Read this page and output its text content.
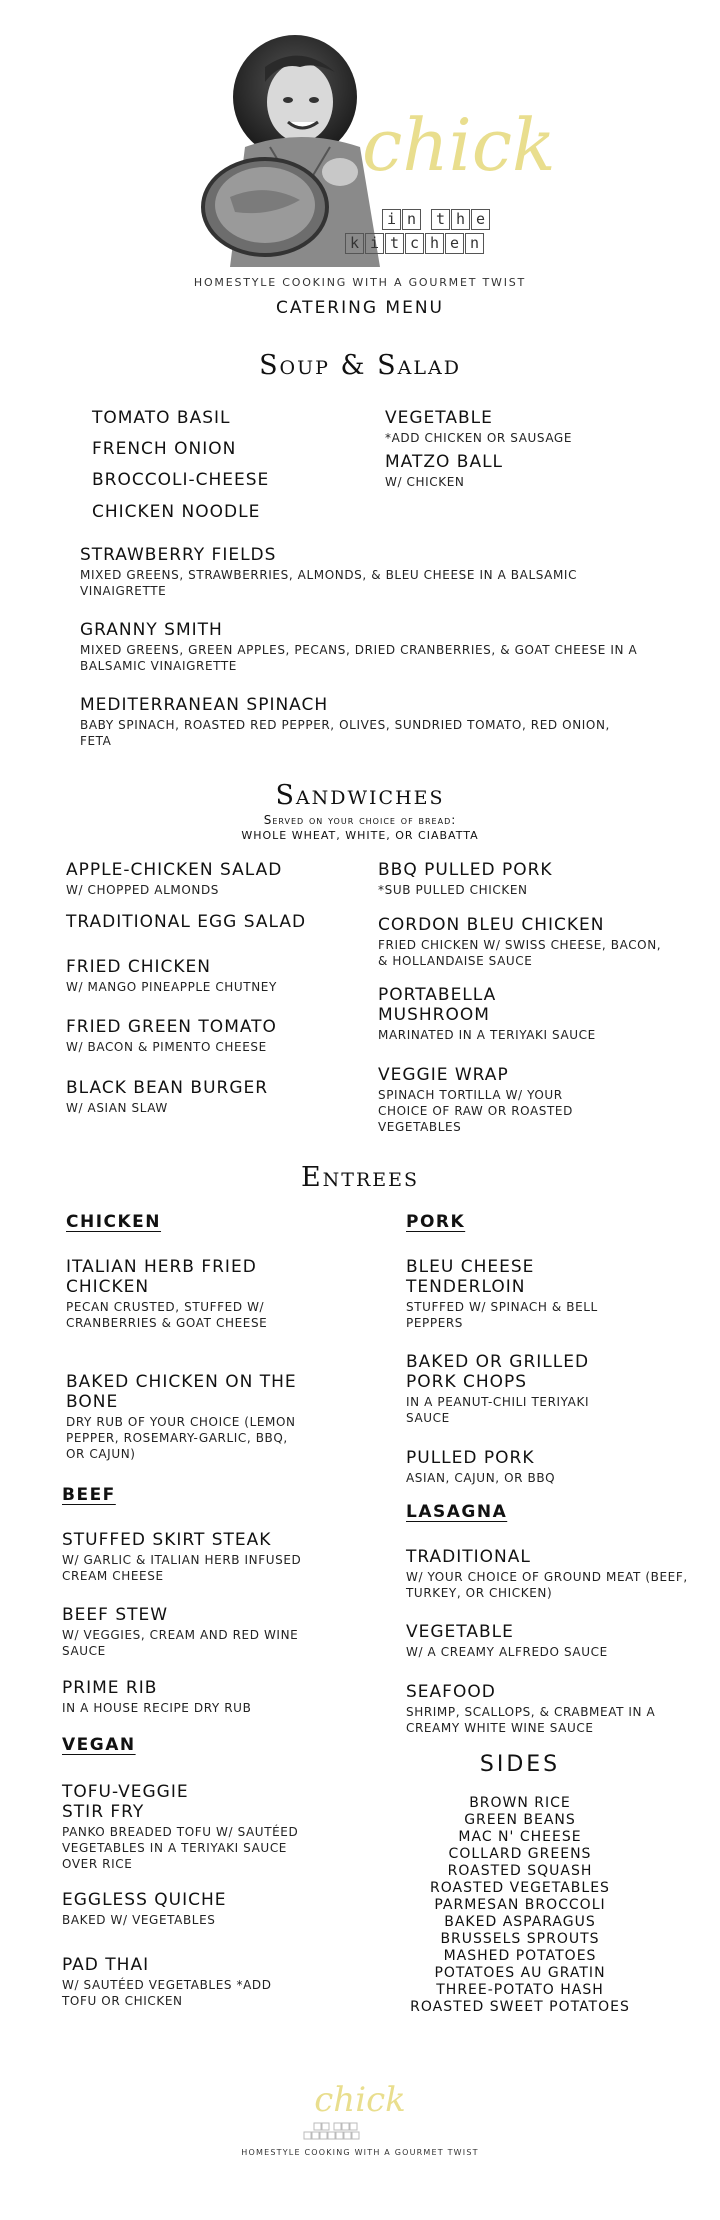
chick
i n t h e
k i t c h e n
HOMESTYLE COOKING WITH A GOURMET TWIST
CATERING MENU
Soup & Salad
TOMATO BASIL
FRENCH ONION
BROCCOLI-CHEESE
CHICKEN NOODLE
VEGETABLE
*ADD CHICKEN OR SAUSAGE
MATZO BALL
W/ CHICKEN
STRAWBERRY FIELDS
MIXED GREENS, STRAWBERRIES, ALMONDS, & BLEU CHEESE IN A BALSAMIC VINAIGRETTE
GRANNY SMITH
MIXED GREENS, GREEN APPLES, PECANS, DRIED CRANBERRIES, & GOAT CHEESE IN A BALSAMIC VINAIGRETTE
MEDITERRANEAN SPINACH
BABY SPINACH, ROASTED RED PEPPER, OLIVES, SUNDRIED TOMATO, RED ONION, FETA
Sandwiches
Served on your choice of bread:
WHOLE WHEAT, WHITE, OR CIABATTA
APPLE-CHICKEN SALAD
W/ CHOPPED ALMONDS
TRADITIONAL EGG SALAD
FRIED CHICKEN
W/ MANGO PINEAPPLE CHUTNEY
FRIED GREEN TOMATO
W/ BACON & PIMENTO CHEESE
BLACK BEAN BURGER
W/ ASIAN SLAW
BBQ PULLED PORK
*SUB PULLED CHICKEN
CORDON BLEU CHICKEN
FRIED CHICKEN W/ SWISS CHEESE, BACON, & HOLLANDAISE SAUCE
PORTABELLA MUSHROOM
MARINATED IN A TERIYAKI SAUCE
VEGGIE WRAP
SPINACH TORTILLA W/ YOUR CHOICE OF RAW OR ROASTED VEGETABLES
Entrees
CHICKEN
ITALIAN HERB FRIED CHICKEN
PECAN CRUSTED, STUFFED W/ CRANBERRIES & GOAT CHEESE
BAKED CHICKEN ON THE BONE
DRY RUB OF YOUR CHOICE (LEMON PEPPER, ROSEMARY-GARLIC, BBQ, OR CAJUN)
BEEF
STUFFED SKIRT STEAK
W/ GARLIC & ITALIAN HERB INFUSED CREAM CHEESE
BEEF STEW
W/ VEGGIES, CREAM AND RED WINE SAUCE
PRIME RIB
IN A HOUSE RECIPE DRY RUB
VEGAN
TOFU-VEGGIE STIR FRY
PANKO BREADED TOFU W/ SAUTÉED VEGETABLES IN A TERIYAKI SAUCE OVER RICE
EGGLESS QUICHE
BAKED W/ VEGETABLES
PAD THAI
W/ SAUTÉED VEGETABLES *ADD TOFU OR CHICKEN
PORK
BLEU CHEESE TENDERLOIN
STUFFED W/ SPINACH & BELL PEPPERS
BAKED OR GRILLED PORK CHOPS
IN A PEANUT-CHILI TERIYAKI SAUCE
PULLED PORK
ASIAN, CAJUN, OR BBQ
LASAGNA
TRADITIONAL
W/ YOUR CHOICE OF GROUND MEAT (BEEF, TURKEY, OR CHICKEN)
VEGETABLE
W/ A CREAMY ALFREDO SAUCE
SEAFOOD
SHRIMP, SCALLOPS, & CRABMEAT IN A CREAMY WHITE WINE SAUCE
SIDES
BROWN RICE
GREEN BEANS
MAC N' CHEESE
COLLARD GREENS
ROASTED SQUASH
ROASTED VEGETABLES
PARMESAN BROCCOLI
BAKED ASPARAGUS
BRUSSELS SPROUTS
MASHED POTATOES
POTATOES AU GRATIN
THREE-POTATO HASH
ROASTED SWEET POTATOES
chick
HOMESTYLE COOKING WITH A GOURMET TWIST
